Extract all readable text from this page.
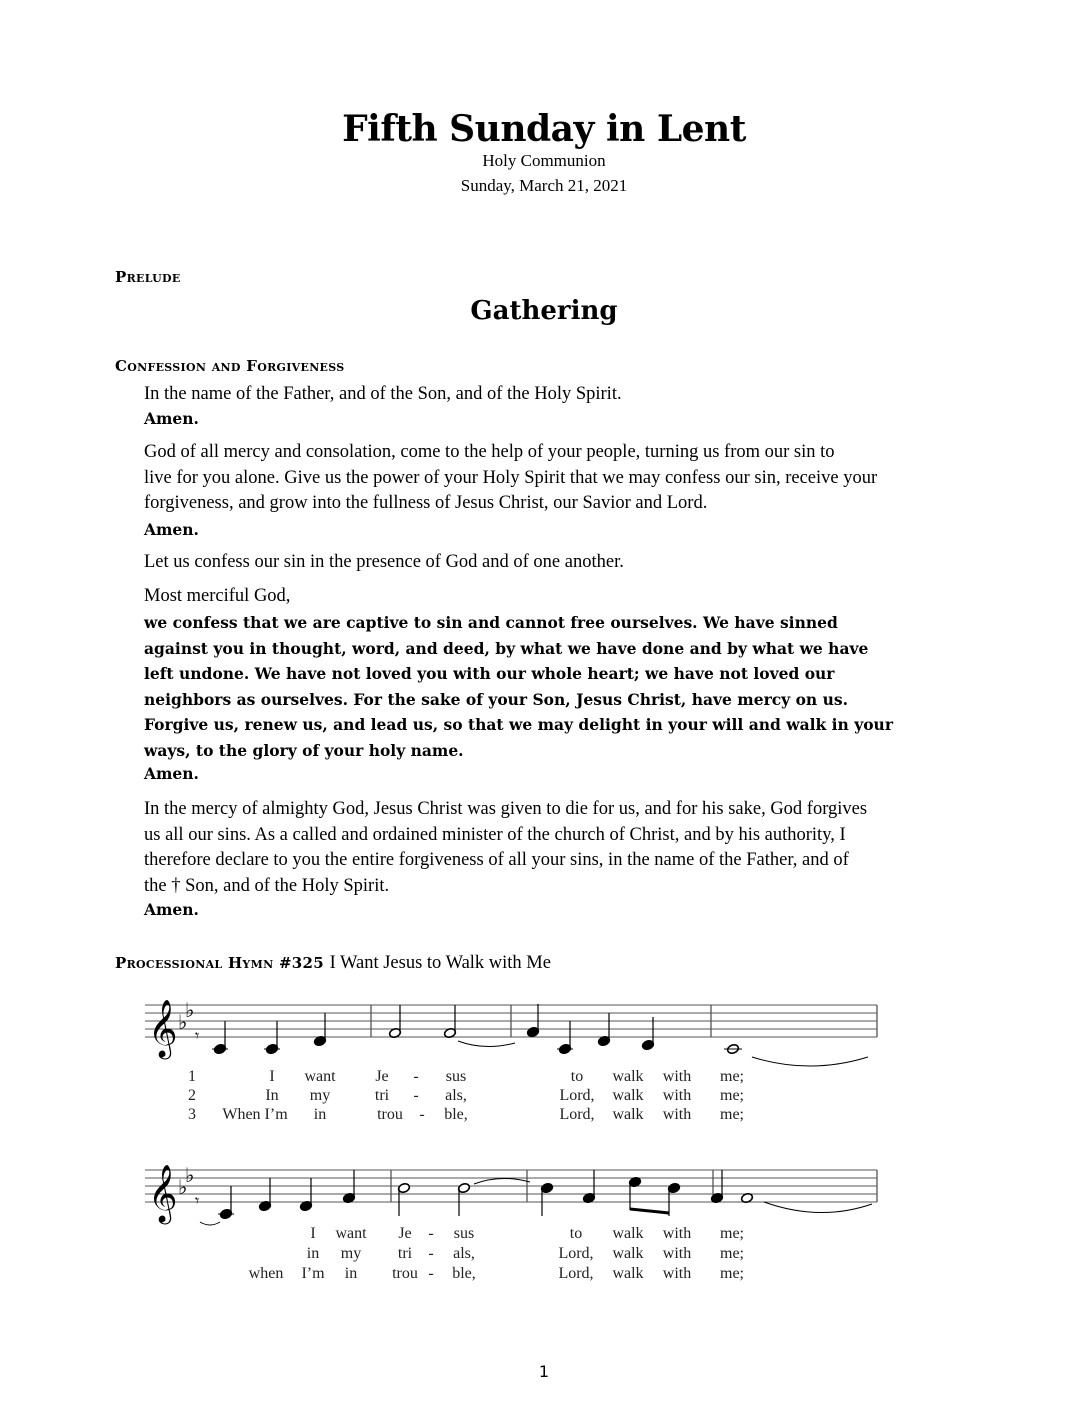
Fifth Sunday in Lent
Holy Communion
Sunday, March 21, 2021
Prelude
Gathering
Confession and Forgiveness
In the name of the Father, and of the Son, and of the Holy Spirit.
Amen.
God of all mercy and consolation, come to the help of your people, turning us from our sin to
live for you alone. Give us the power of your Holy Spirit that we may confess our sin, receive your
forgiveness, and grow into the fullness of Jesus Christ, our Savior and Lord.
Amen.
Let us confess our sin in the presence of God and of one another.
Most merciful God,
we confess that we are captive to sin and cannot free ourselves. We have sinned
against you in thought, word, and deed, by what we have done and by what we have
left undone. We have not loved you with our whole heart; we have not loved our
neighbors as ourselves. For the sake of your Son, Jesus Christ, have mercy on us.
Forgive us, renew us, and lead us, so that we may delight in your will and walk in your
ways, to the glory of your holy name.
Amen.
In the mercy of almighty God, Jesus Christ was given to die for us, and for his sake, God forgives
us all our sins. As a called and ordained minister of the church of Christ, and by his authority, I
therefore declare to you the entire forgiveness of all your sins, in the name of the Father, and of
the † Son, and of the Holy Spirit.
Amen.
Processional Hymn #325 I Want Jesus to Walk with Me
𝄞 ♭
♭
𝄾
1
2
3
I want Je - sus	to walk with me;
In my	tri - als,	Lord, walk with me;
When I’m in	trou - ble,	Lord, walk with me;
𝄞 ♭
♭
𝄾
I want Je - sus	to walk with me;
in my tri - als,	Lord, walk with me;
when I’m in trou - ble,	Lord, walk with me;
1
